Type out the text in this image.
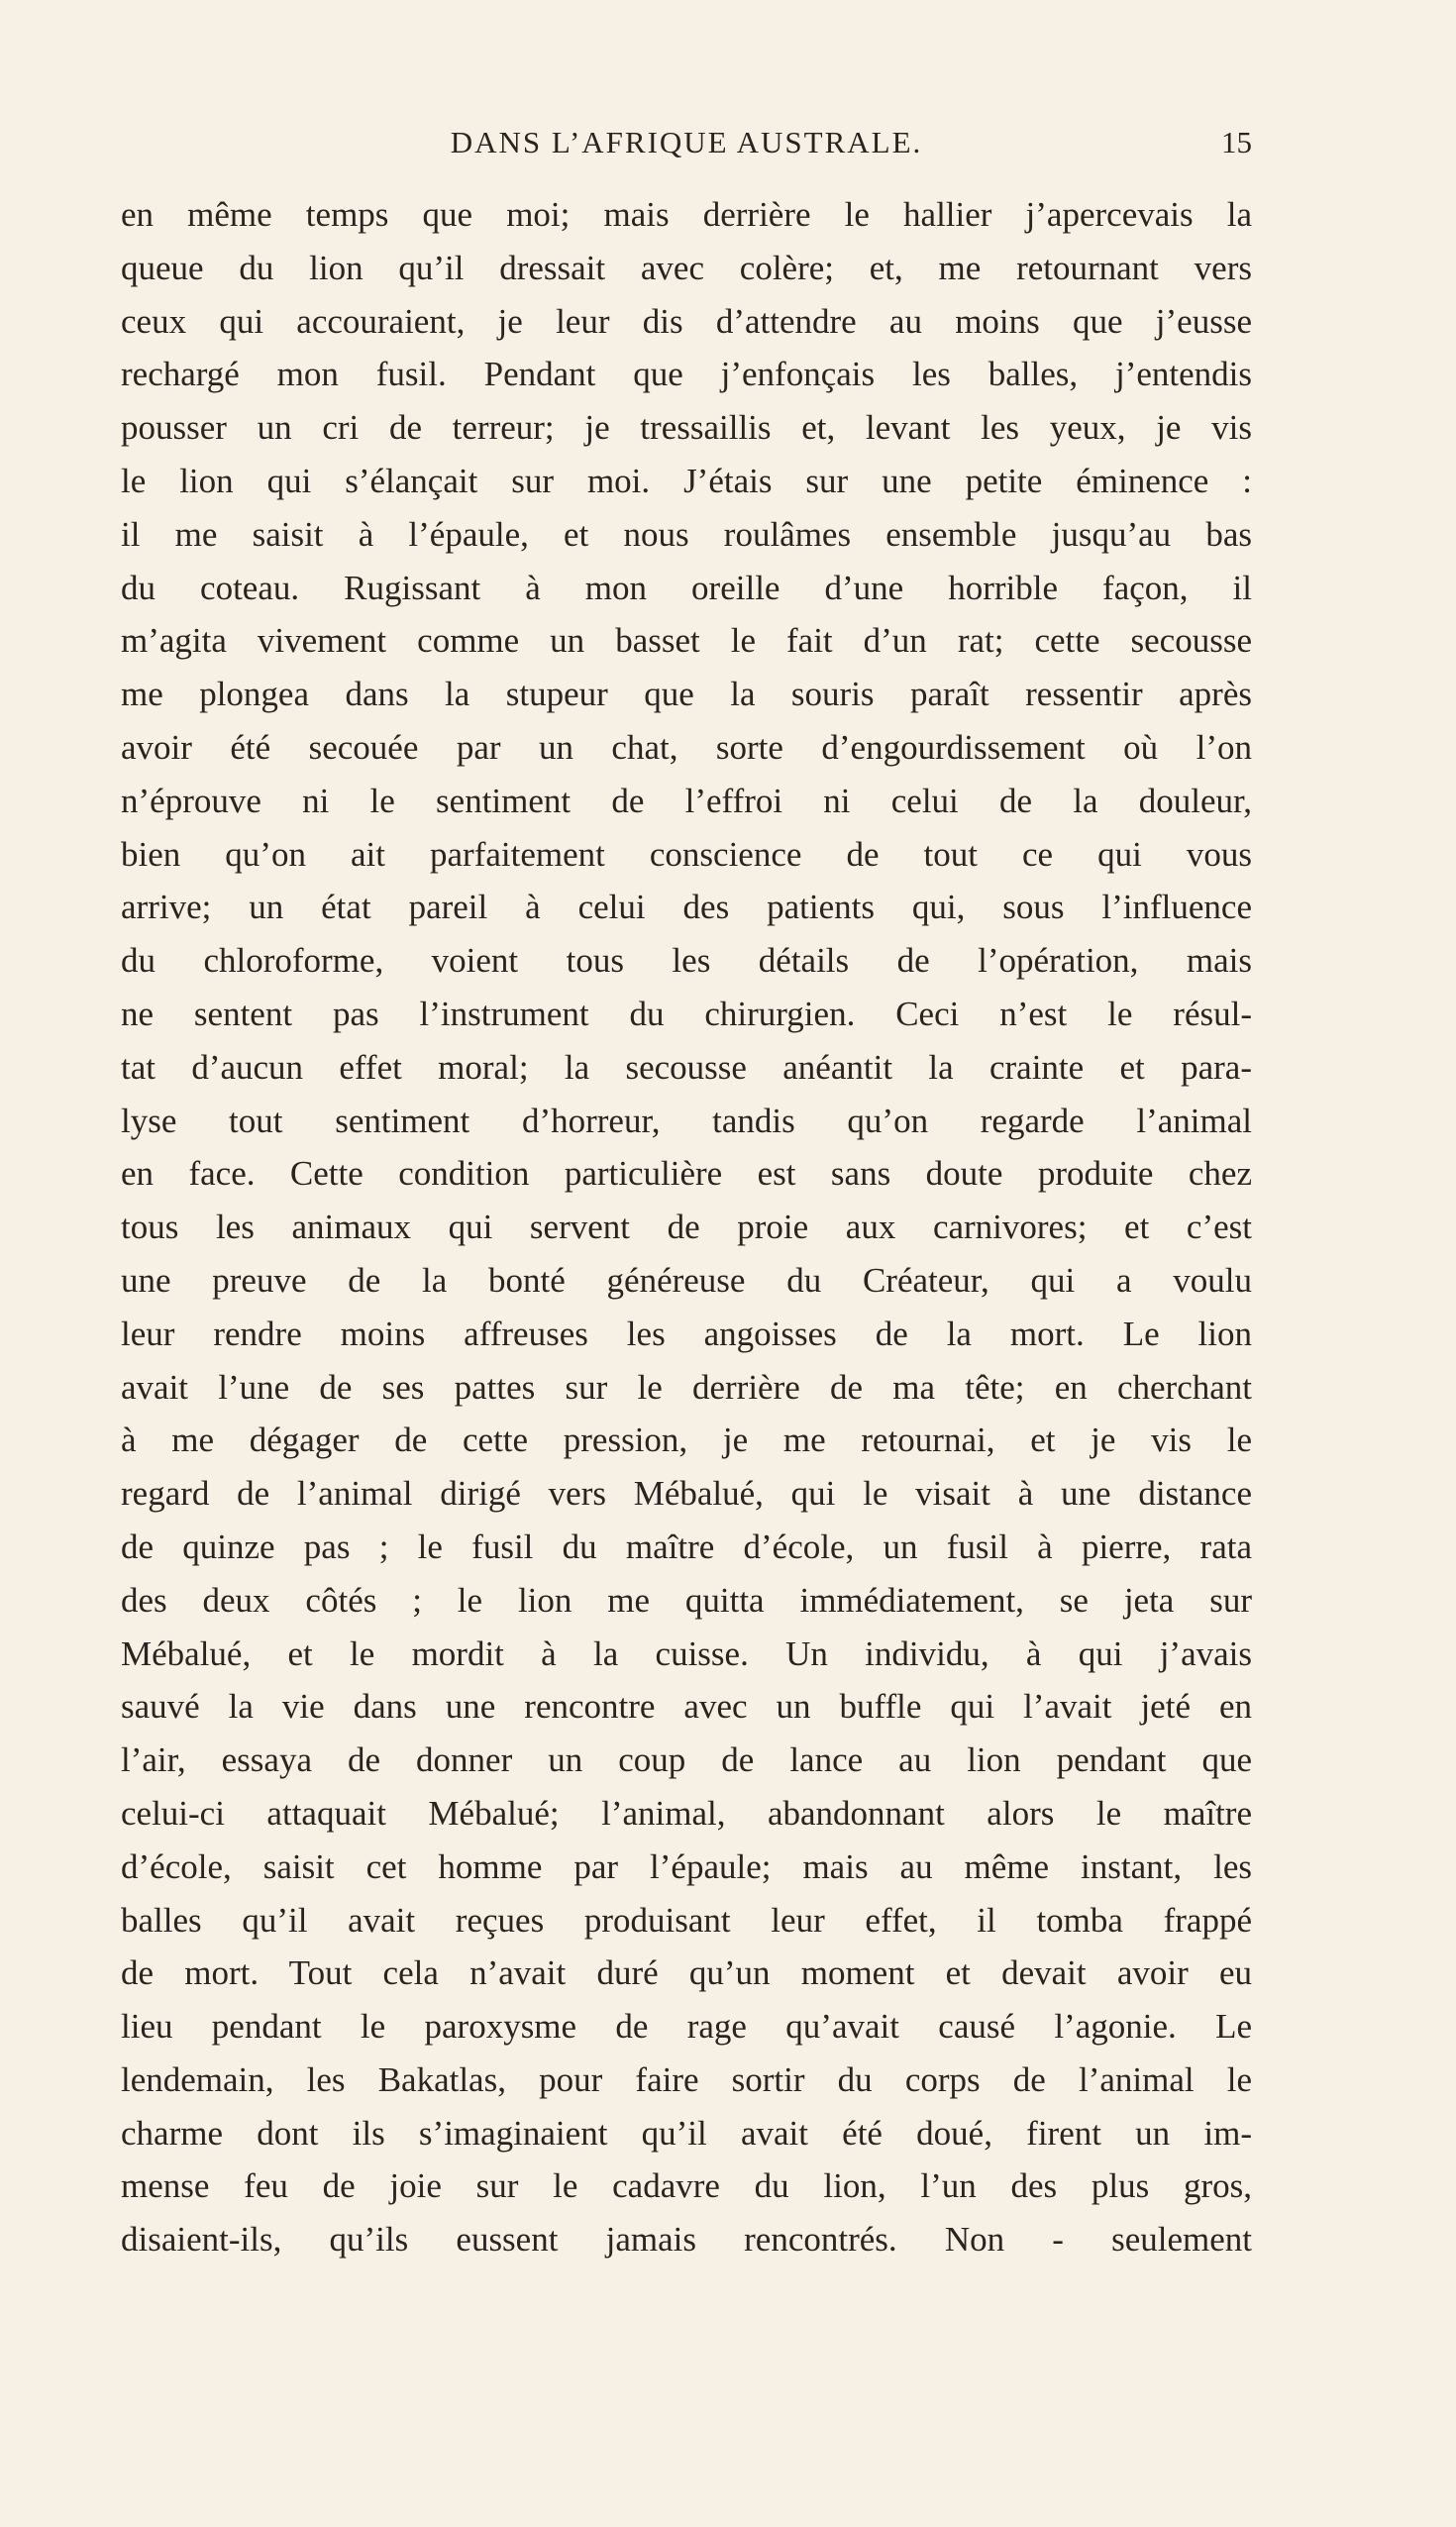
DANS L’AFRIQUE AUSTRALE.	15
en même temps que moi; mais derrière le hallier j’apercevais la
queue du lion qu’il dressait avec colère; et, me retournant vers
ceux qui accouraient, je leur dis d’attendre au moins que j’eusse
rechargé mon fusil. Pendant que j’enfonçais les balles, j’entendis
pousser un cri de terreur; je tressaillis et, levant les yeux, je vis
le lion qui s’élançait sur moi. J’étais sur une petite éminence :
il me saisit à l’épaule, et nous roulâmes ensemble jusqu’au bas
du coteau. Rugissant à mon oreille d’une horrible façon, il
m’agita vivement comme un basset le fait d’un rat; cette secousse
me plongea dans la stupeur que la souris paraît ressentir après
avoir été secouée par un chat, sorte d’engourdissement où l’on
n’éprouve ni le sentiment de l’effroi ni celui de la douleur,
bien qu’on ait parfaitement conscience de tout ce qui vous
arrive; un état pareil à celui des patients qui, sous l’influence
du chloroforme, voient tous les détails de l’opération, mais
ne sentent pas l’instrument du chirurgien. Ceci n’est le résul-
tat d’aucun effet moral; la secousse anéantit la crainte et para-
lyse tout sentiment d’horreur, tandis qu’on regarde l’animal
en face. Cette condition particulière est sans doute produite chez
tous les animaux qui servent de proie aux carnivores; et c’est
une preuve de la bonté généreuse du Créateur, qui a voulu
leur rendre moins affreuses les angoisses de la mort. Le lion
avait l’une de ses pattes sur le derrière de ma tête; en cherchant
à me dégager de cette pression, je me retournai, et je vis le
regard de l’animal dirigé vers Mébalué, qui le visait à une distance
de quinze pas ; le fusil du maître d’école, un fusil à pierre, rata
des deux côtés ; le lion me quitta immédiatement, se jeta sur
Mébalué, et le mordit à la cuisse. Un individu, à qui j’avais
sauvé la vie dans une rencontre avec un buffle qui l’avait jeté en
l’air, essaya de donner un coup de lance au lion pendant que
celui-ci attaquait Mébalué; l’animal, abandonnant alors le maître
d’école, saisit cet homme par l’épaule; mais au même instant, les
balles qu’il avait reçues produisant leur effet, il tomba frappé
de mort. Tout cela n’avait duré qu’un moment et devait avoir eu
lieu pendant le paroxysme de rage qu’avait causé l’agonie. Le
lendemain, les Bakatlas, pour faire sortir du corps de l’animal le
charme dont ils s’imaginaient qu’il avait été doué, firent un im-
mense feu de joie sur le cadavre du lion, l’un des plus gros,
disaient-ils, qu’ils eussent jamais rencontrés. Non - seulement
